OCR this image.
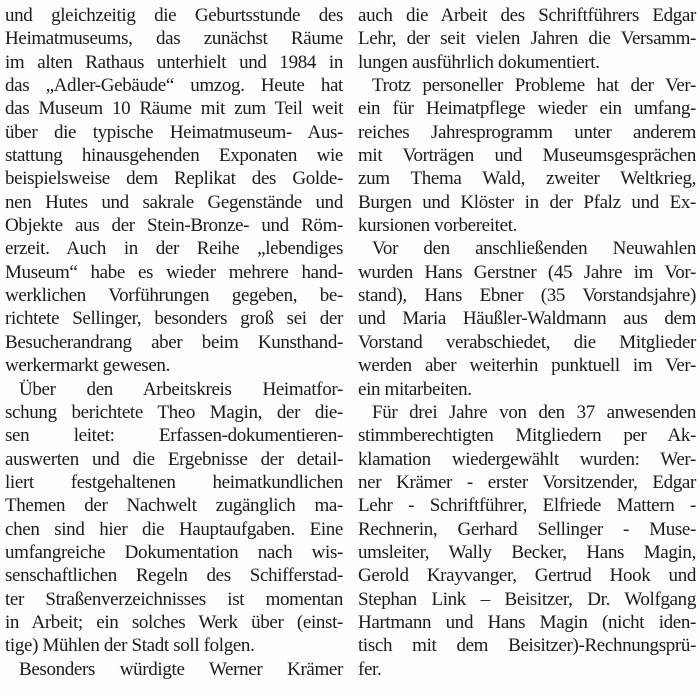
und gleichzeitig die Geburtsstunde des
Heimatmuseums, das zunächst Räume
im alten Rathaus unterhielt und 1984 in
das „Adler-Gebäude“ umzog. Heute hat
das Museum 10 Räume mit zum Teil weit
über die typische Heimatmuseum- Aus-
stattung hinausgehenden Exponaten wie
beispielsweise dem Replikat des Golde-
nen Hutes und sakrale Gegenstände und
Objekte aus der Stein-Bronze- und Röm-
erzeit. Auch in der Reihe „lebendiges
Museum“ habe es wieder mehrere hand-
werklichen Vorführungen gegeben, be-
richtete Sellinger, besonders groß sei der
Besucherandrang aber beim Kunsthand-
werkermarkt gewesen.
Über den Arbeitskreis Heimatfor-
schung berichtete Theo Magin, der die-
sen leitet: Erfassen-dokumentieren-
auswerten und die Ergebnisse der detail-
liert festgehaltenen heimatkundlichen
Themen der Nachwelt zugänglich ma-
chen sind hier die Hauptaufgaben. Eine
umfangreiche Dokumentation nach wis-
senschaftlichen Regeln des Schifferstad-
ter Straßenverzeichnisses ist momentan
in Arbeit; ein solches Werk über (einst-
tige) Mühlen der Stadt soll folgen.
Besonders würdigte Werner Krämer
auch die Arbeit des Schriftführers Edgar
Lehr, der seit vielen Jahren die Versamm-
lungen ausführlich dokumentiert.
Trotz personeller Probleme hat der Ver-
ein für Heimatpflege wieder ein umfang-
reiches Jahresprogramm unter anderem
mit Vorträgen und Museumsgesprächen
zum Thema Wald, zweiter Weltkrieg,
Burgen und Klöster in der Pfalz und Ex-
kursionen vorbereitet.
Vor den anschließenden Neuwahlen
wurden Hans Gerstner (45 Jahre im Vor-
stand), Hans Ebner (35 Vorstandsjahre)
und Maria Häußler-Waldmann aus dem
Vorstand verabschiedet, die Mitglieder
werden aber weiterhin punktuell im Ver-
ein mitarbeiten.
Für drei Jahre von den 37 anwesenden
stimmberechtigten Mitgliedern per Ak-
klamation wiedergewählt wurden: Wer-
ner Krämer - erster Vorsitzender, Edgar
Lehr - Schriftführer, Elfriede Mattern -
Rechnerin, Gerhard Sellinger - Muse-
umsleiter, Wally Becker, Hans Magin,
Gerold Krayvanger, Gertrud Hook und
Stephan Link – Beisitzer, Dr. Wolfgang
Hartmann und Hans Magin (nicht iden-
tisch mit dem Beisitzer)-Rechnungsprü-
fer.
